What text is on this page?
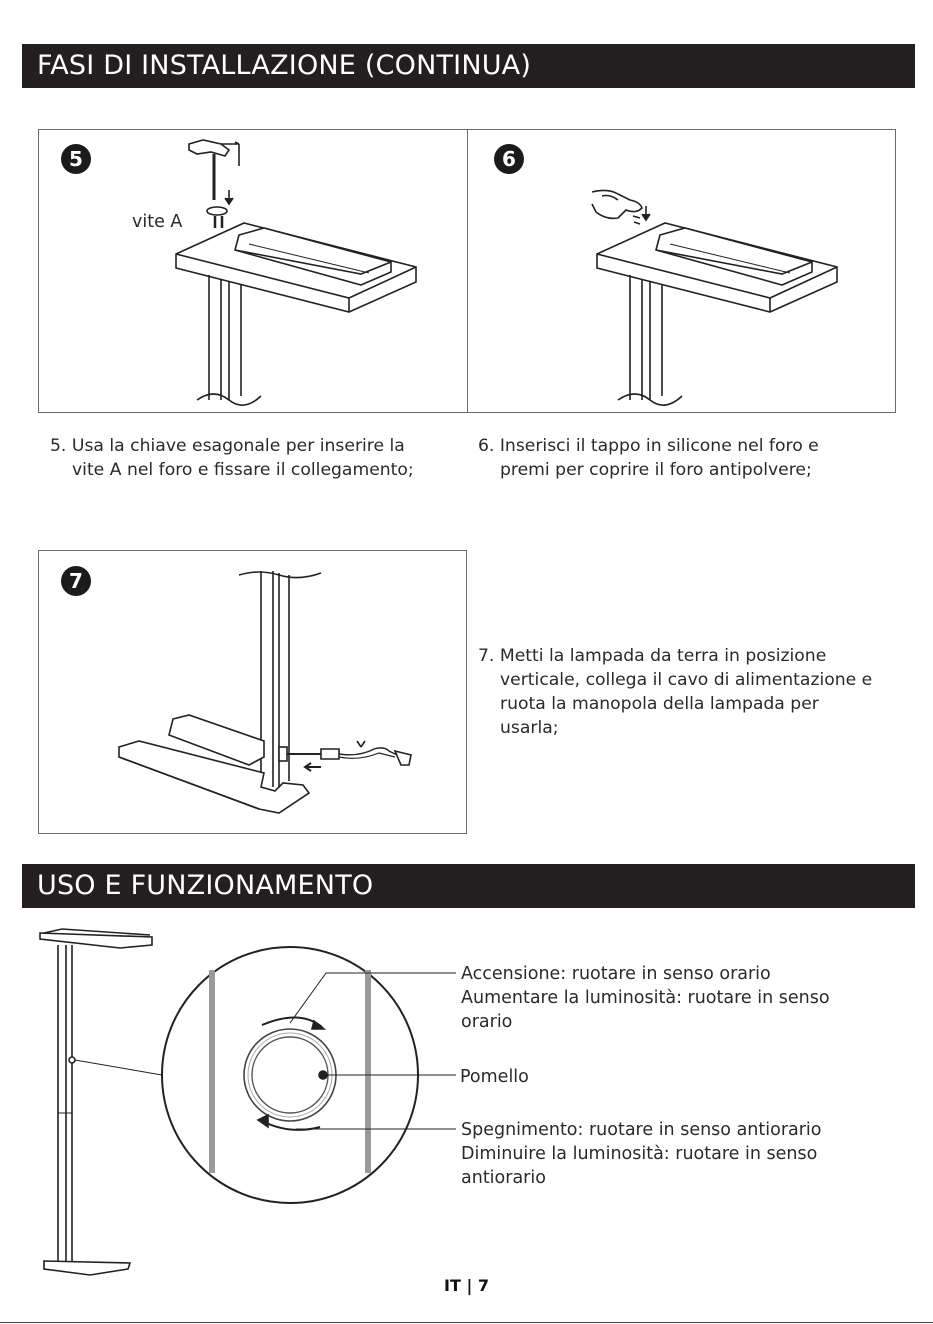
FASI DI INSTALLAZIONE (CONTINUA)
5
vite A
6
5. Usa la chiave esagonale per inserire la
vite A nel foro e fissare il collegamento;
6. Inserisci il tappo in silicone nel foro e
premi per coprire il foro antipolvere;
7
7. Metti la lampada da terra in posizione
verticale, collega il cavo di alimentazione e
ruota la manopola della lampada per
usarla;
USO E FUNZIONAMENTO
Accensione: ruotare in senso orario
Aumentare la luminosità: ruotare in senso
orario
Pomello
Spegnimento: ruotare in senso antiorario
Diminuire la luminosità: ruotare in senso
antiorario
IT | 7
